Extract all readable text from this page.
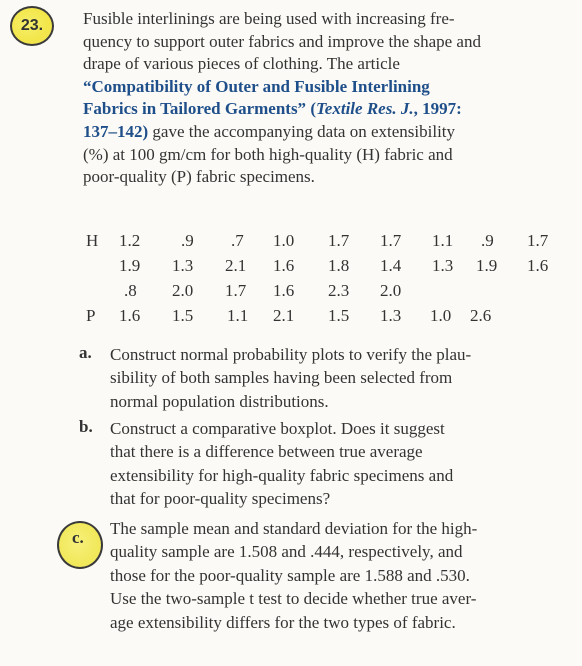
23. Fusible interlinings are being used with increasing fre-
quency to support outer fabrics and improve the shape and
drape of various pieces of clothing. The article
“Compatibility of Outer and Fusible Interlining
Fabrics in Tailored Garments” (Textile Res. J., 1997:
137–142) gave the accompanying data on extensibility
(%) at 100 gm/cm for both high-quality (H) fabric and
poor-quality (P) fabric specimens.
H 1.2 .9 .7 1.0 1.7 1.7 1.1 .9 1.7
1.9 1.3 2.1 1.6 1.8 1.4 1.3 1.9 1.6
.8 2.0 1.7 1.6 2.3 2.0
P 1.6 1.5 1.1 2.1 1.5 1.3 1.0 2.6
a. Construct normal probability plots to verify the plau-
sibility of both samples having been selected from
normal population distributions.
b. Construct a comparative boxplot. Does it suggest
that there is a difference between true average
extensibility for high-quality fabric specimens and
that for poor-quality specimens?
c. The sample mean and standard deviation for the high-
quality sample are 1.508 and .444, respectively, and
those for the poor-quality sample are 1.588 and .530.
Use the two-sample t test to decide whether true aver-
age extensibility differs for the two types of fabric.
